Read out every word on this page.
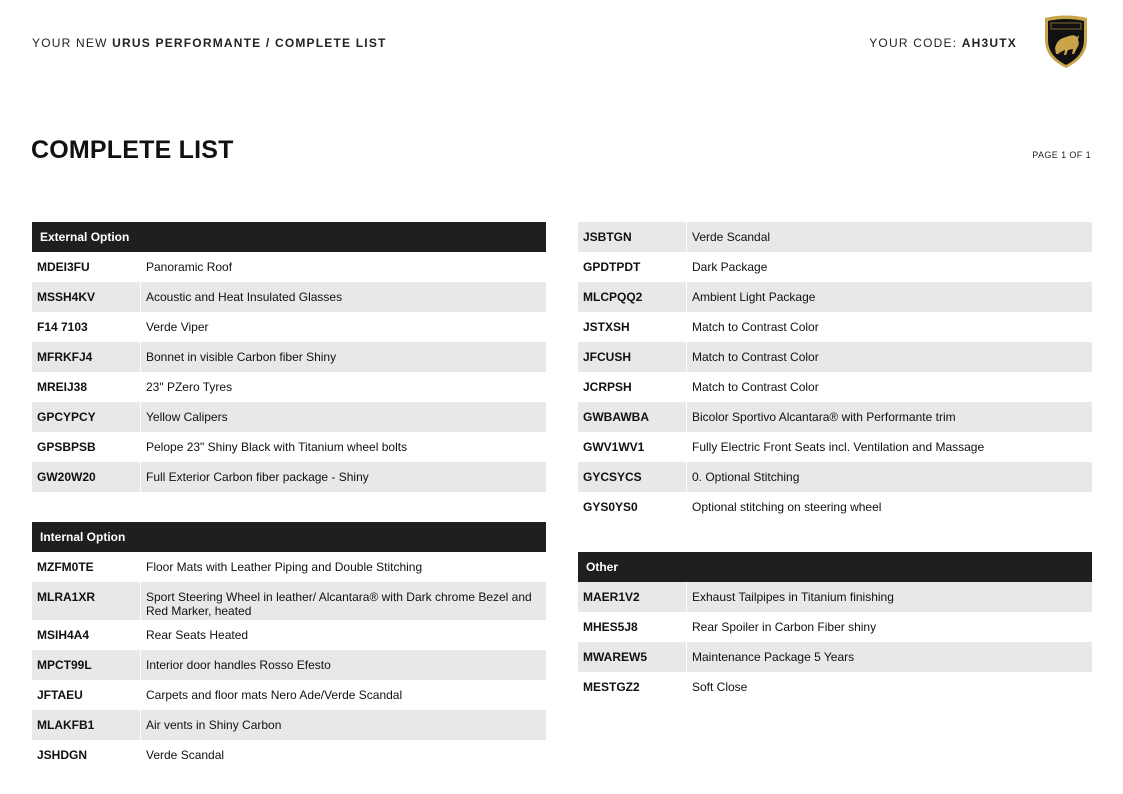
YOUR NEW URUS PERFORMANTE / COMPLETE LIST	YOUR CODE: AH3UTX
COMPLETE LIST	PAGE 1 OF 1
External Option
MDEI3FU	Panoramic Roof
MSSH4KV	Acoustic and Heat Insulated Glasses
F14 7103	Verde Viper
MFRKFJ4	Bonnet in visible Carbon fiber Shiny
MREIJ38	23" PZero Tyres
GPCYPCY	Yellow Calipers
GPSBPSB	Pelope 23" Shiny Black with Titanium wheel bolts
GW20W20	Full Exterior Carbon fiber package - Shiny
Internal Option
MZFM0TE	Floor Mats with Leather Piping and Double Stitching
MLRA1XR	Sport Steering Wheel in leather/ Alcantara® with Dark chrome Bezel and Red Marker, heated
MSIH4A4	Rear Seats Heated
MPCT99L	Interior door handles Rosso Efesto
JFTAEU	Carpets and floor mats Nero Ade/Verde Scandal
MLAKFB1	Air vents in Shiny Carbon
JSHDGN	Verde Scandal
JSBTGN	Verde Scandal
GPDTPDT	Dark Package
MLCPQQ2	Ambient Light Package
JSTXSH	Match to Contrast Color
JFCUSH	Match to Contrast Color
JCRPSH	Match to Contrast Color
GWBAWBA	Bicolor Sportivo Alcantara® with Performante trim
GWV1WV1	Fully Electric Front Seats incl. Ventilation and Massage
GYCSYCS	0. Optional Stitching
GYS0YS0	Optional stitching on steering wheel
Other
MAER1V2	Exhaust Tailpipes in Titanium finishing
MHES5J8	Rear Spoiler in Carbon Fiber shiny
MWAREW5	Maintenance Package 5 Years
MESTGZ2	Soft Close
